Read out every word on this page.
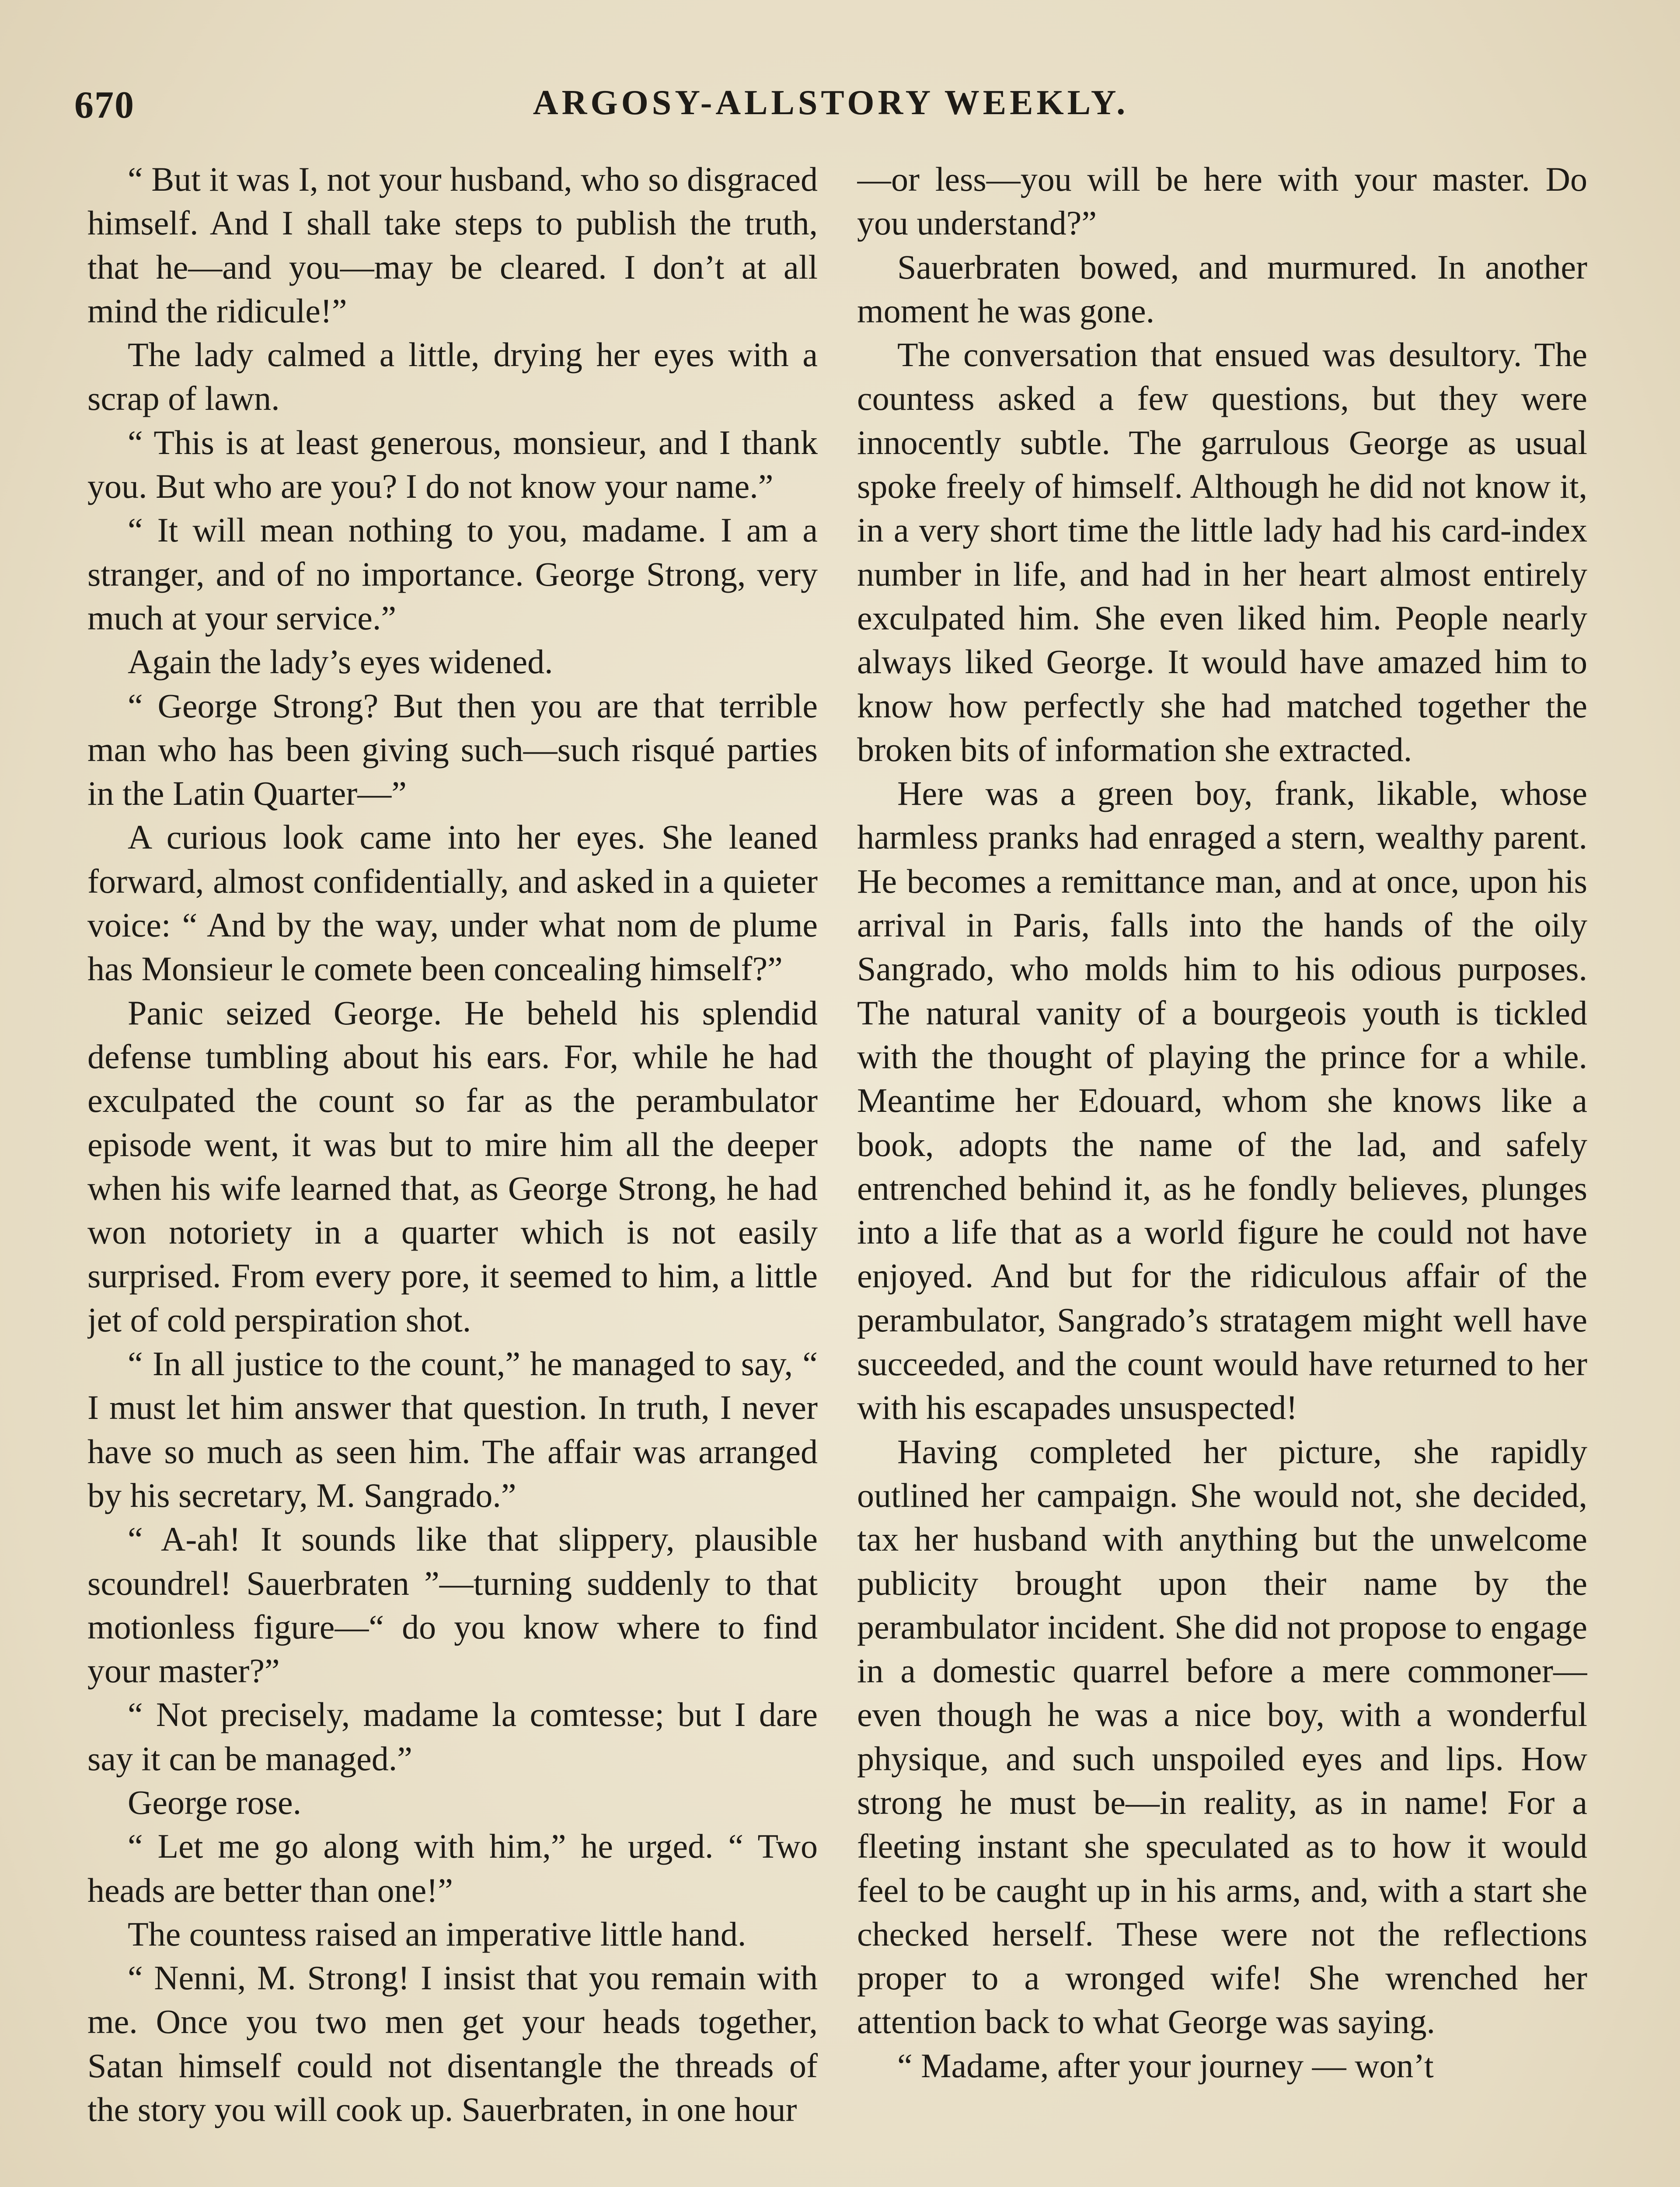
670	ARGOSY-ALLSTORY WEEKLY.

“ But it was I, not your husband, who so disgraced himself. And I shall take steps to publish the truth, that he—and you—may be cleared. I don’t at all mind the ridicule!”

The lady calmed a little, drying her eyes with a scrap of lawn.

“ This is at least generous, monsieur, and I thank you. But who are you? I do not know your name.”

“ It will mean nothing to you, madame. I am a stranger, and of no importance. George Strong, very much at your service.”

Again the lady’s eyes widened.

“ George Strong? But then you are that terrible man who has been giving such—such risqué parties in the Latin Quarter—”

A curious look came into her eyes. She leaned forward, almost confidentially, and asked in a quieter voice: “ And by the way, under what nom de plume has Monsieur le comete been concealing himself?”

Panic seized George. He beheld his splendid defense tumbling about his ears. For, while he had exculpated the count so far as the perambulator episode went, it was but to mire him all the deeper when his wife learned that, as George Strong, he had won notoriety in a quarter which is not easily surprised. From every pore, it seemed to him, a little jet of cold perspiration shot.

“ In all justice to the count,” he managed to say, “ I must let him answer that question. In truth, I never have so much as seen him. The affair was arranged by his secretary, M. Sangrado.”

“ A-ah! It sounds like that slippery, plausible scoundrel! Sauerbraten ”—turning suddenly to that motionless figure—“ do you know where to find your master?”

“ Not precisely, madame la comtesse; but I dare say it can be managed.”

George rose.

“ Let me go along with him,” he urged. “ Two heads are better than one!”

The countess raised an imperative little hand.

“ Nenni, M. Strong! I insist that you remain with me. Once you two men get your heads together, Satan himself could not disentangle the threads of the story you will cook up. Sauerbraten, in one hour

—or less—you will be here with your master. Do you understand?”

Sauerbraten bowed, and murmured. In another moment he was gone.

The conversation that ensued was desultory. The countess asked a few questions, but they were innocently subtle. The garrulous George as usual spoke freely of himself. Although he did not know it, in a very short time the little lady had his card-index number in life, and had in her heart almost entirely exculpated him. She even liked him. People nearly always liked George. It would have amazed him to know how perfectly she had matched together the broken bits of information she extracted.

Here was a green boy, frank, likable, whose harmless pranks had enraged a stern, wealthy parent. He becomes a remittance man, and at once, upon his arrival in Paris, falls into the hands of the oily Sangrado, who molds him to his odious purposes. The natural vanity of a bourgeois youth is tickled with the thought of playing the prince for a while. Meantime her Edouard, whom she knows like a book, adopts the name of the lad, and safely entrenched behind it, as he fondly believes, plunges into a life that as a world figure he could not have enjoyed. And but for the ridiculous affair of the perambulator, Sangrado’s stratagem might well have succeeded, and the count would have returned to her with his escapades unsuspected!

Having completed her picture, she rapidly outlined her campaign. She would not, she decided, tax her husband with anything but the unwelcome publicity brought upon their name by the perambulator incident. She did not propose to engage in a domestic quarrel before a mere commoner—even though he was a nice boy, with a wonderful physique, and such unspoiled eyes and lips. How strong he must be—in reality, as in name! For a fleeting instant she speculated as to how it would feel to be caught up in his arms, and, with a start she checked herself. These were not the reflections proper to a wronged wife! She wrenched her attention back to what George was saying.

“ Madame, after your journey — won’t
